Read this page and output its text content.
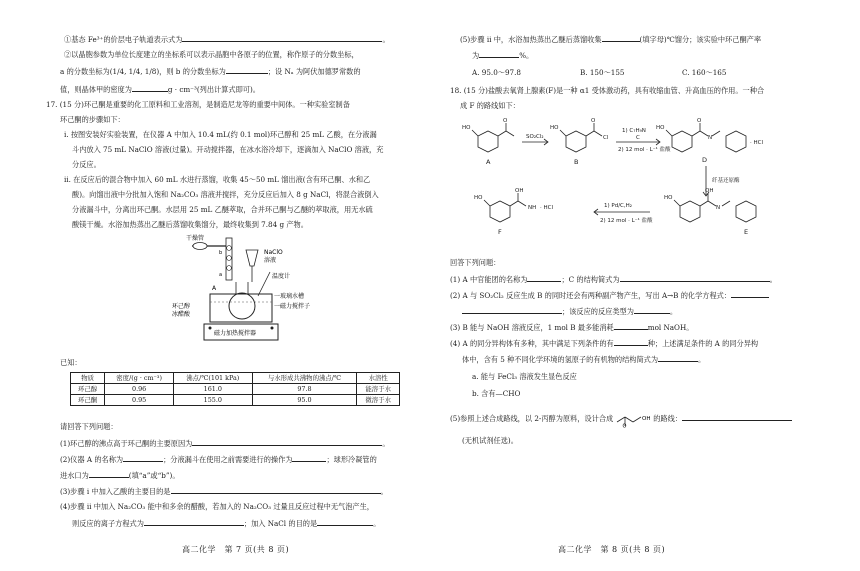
①基态 Fe³⁺的价层电子轨道表示式为	。
②以晶胞参数为单位长度建立的坐标系可以表示晶胞中各原子的位置，称作原子的分数坐标，
a 的分数坐标为(1/4, 1/4, 1/8)，则 b 的分数坐标为	；设 Nₐ 为阿伏加德罗常数的
值，则晶体甲的密度为	g · cm⁻³(列出计算式即可)。
17. (15 分)环己酮是重要的化工原料和工业溶剂，是制造尼龙等的重要中间体。一种实验室制备
环己酮的步骤如下：
i. 按图安装好实验装置，在仪器 A 中加入 10.4 mL(约 0.1 mol)环己醇和 25 mL 乙酸，在分液漏
斗内放入 75 mL NaClO 溶液(过量)。开动搅拌器，在冰水浴冷却下，逐滴加入 NaClO 溶液，充
分反应。
ii. 在反应后的混合物中加入 60 mL 水进行蒸馏，收集 45～50 mL 馏出液(含有环己酮、水和乙
酸)。向馏出液中分批加入饱和 Na₂CO₃ 溶液并搅拌，充分反应后加入 8 g NaCl，将混合液倒入
分液漏斗中，分离出环己酮。水层用 25 mL 乙醚萃取，合并环己酮与乙醚的萃取液，用无水硫
酸镁干燥。水浴加热蒸出乙醚后蒸馏收集馏分，最终收集到 7.84 g 产物。
干燥管
b
a
NaClO
溶液
温度计
A
环己醇
冰醋酸
一玻璃水槽
一磁力搅拌子
磁力加热搅拌器
已知：
物质	密度/(g · cm⁻³)	沸点/℃(101 kPa)	与水形成共沸物的沸点/℃	水溶性
环己醇	0.96	161.0	97.8	能溶于水
环己酮	0.95	155.0	95.0	微溶于水
请回答下列问题：
(1)环己醇的沸点高于环己酮的主要原因为	。
(2)仪器 A 的名称为	；分液漏斗在使用之前需要进行的操作为	；球形冷凝管的
进水口为	(填“a”或“b”)。
(3)步骤 i 中加入乙酸的主要目的是	。
(4)步骤 ii 中加入 Na₂CO₃ 能中和多余的醋酸，若加入的 Na₂CO₃ 过量且反应过程中无气泡产生，
则反应的离子方程式为	；加入 NaCl 的目的是	。
高二化学　第 7 页(共 8 页)
(5)步骤 ii 中，水浴加热蒸出乙醚后蒸馏收集	(填字母)℃馏分；该实验中环己酮产率
为	%。
A. 95.0～97.8	B. 150～155	C. 160～165
18. (15 分)盐酸去氧肾上腺素(F)是一种 α1 受体激动药，具有收缩血管、升高血压的作用。一种合
成 F 的路线如下：
HO
O
A
SO₂Cl₂
HO
O
Cl
B
1) C₇H₉N
C
2) 12 mol · L⁻¹ 盐酸
HO
O
N
· HCl
D
纤基还原酶
HO
OH
N
E
1) Pd/C,H₂
2) 12 mol · L⁻¹ 盐酸
HO
OH
NH · HCl
F
回答下列问题：
(1) A 中官能团的名称为	；C 的结构简式为	。
(2) A 与 SO₂Cl₂ 反应生成 B 的同时还会有两种副产物产生，写出 A→B 的化学方程式：
；该反应的反应类型为	。
(3) B 能与 NaOH 溶液反应，1 mol B 最多能消耗	mol NaOH。
(4) A 的同分异构体有多种，其中满足下列条件的有	种；上述满足条件的 A 的同分异构
体中，含有 5 种不同化学环境的氢原子的有机物的结构简式为	。
a. 能与 FeCl₃ 溶液发生显色反应
b. 含有—CHO
(5)参照上述合成路线，以 2-丙醇为原料，设计合成	OH
O
的路线：
(无机试剂任选)。
高二化学　第 8 页(共 8 页)
